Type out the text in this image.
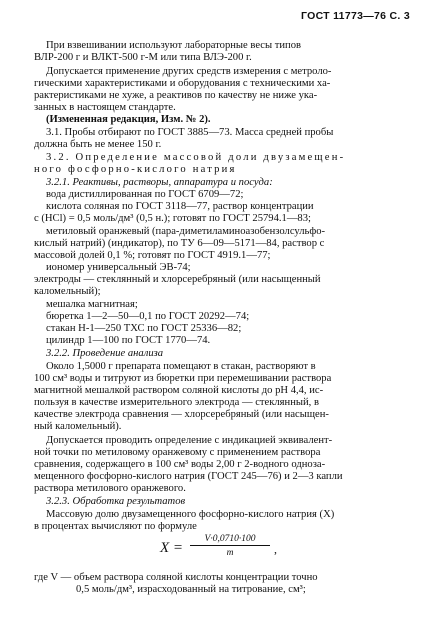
ГОСТ 11773—76 С. 3
При взвешивании используют лабораторные весы типов
ВЛР-200 г и ВЛКТ-500 г-М или типа ВЛЭ-200 г.
Допускается применение других средств измерения с метроло-
гическими характеристиками и оборудования с техническими ха-
рактеристиками не хуже, а реактивов по качеству не ниже ука-
занных в настоящем стандарте.
(Измененная редакция, Изм. № 2).
3.1. Пробы отбирают по ГОСТ 3885—73. Масса средней пробы
должна быть не менее 150 г.
3.2. Определение массовой доли двузамещен-
ного фосфорно-кислого натрия
3.2.1. Реактивы, растворы, аппаратура и посуда:
вода дистиллированная по ГОСТ 6709—72;
кислота соляная по ГОСТ 3118—77, раствор концентрации
с (HCl) = 0,5 моль/дм³ (0,5 н.); готовят по ГОСТ 25794.1—83;
метиловый оранжевый (пара-диметиламиноазобензолсульфо-
кислый натрий) (индикатор), по ТУ 6—09—5171—84, раствор с
массовой долей 0,1 %; готовят по ГОСТ 4919.1—77;
иономер универсальный ЭВ-74;
электроды — стеклянный и хлорсеребряный (или насыщенный
каломельный);
мешалка магнитная;
бюретка 1—2—50—0,1 по ГОСТ 20292—74;
стакан Н-1—250 ТХС по ГОСТ 25336—82;
цилиндр 1—100 по ГОСТ 1770—74.
3.2.2. Проведение анализа
Около 1,5000 г препарата помещают в стакан, растворяют в
100 см³ воды и титруют из бюретки при перемешивании раствора
магнитной мешалкой раствором соляной кислоты до pH 4,4, ис-
пользуя в качестве измерительного электрода — стеклянный, в
качестве электрода сравнения — хлорсеребряный (или насыщен-
ный каломельный).
Допускается проводить определение с индикацией эквивалент-
ной точки по метиловому оранжевому с применением раствора
сравнения, содержащего в 100 см³ воды 2,00 г 2-водного одноза-
мещенного фосфорно-кислого натрия (ГОСТ 245—76) и 2—3 капли
раствора метилового оранжевого.
3.2.3. Обработка результатов
Массовую долю двузамещенного фосфорно-кислого натрия (X)
в процентах вычисляют по формуле
$X = \frac{V\cdot 0,0710\cdot 100}{m}$ ,
где V — объем раствора соляной кислоты концентрации точно
0,5 моль/дм³, израсходованный на титрование, см³;
